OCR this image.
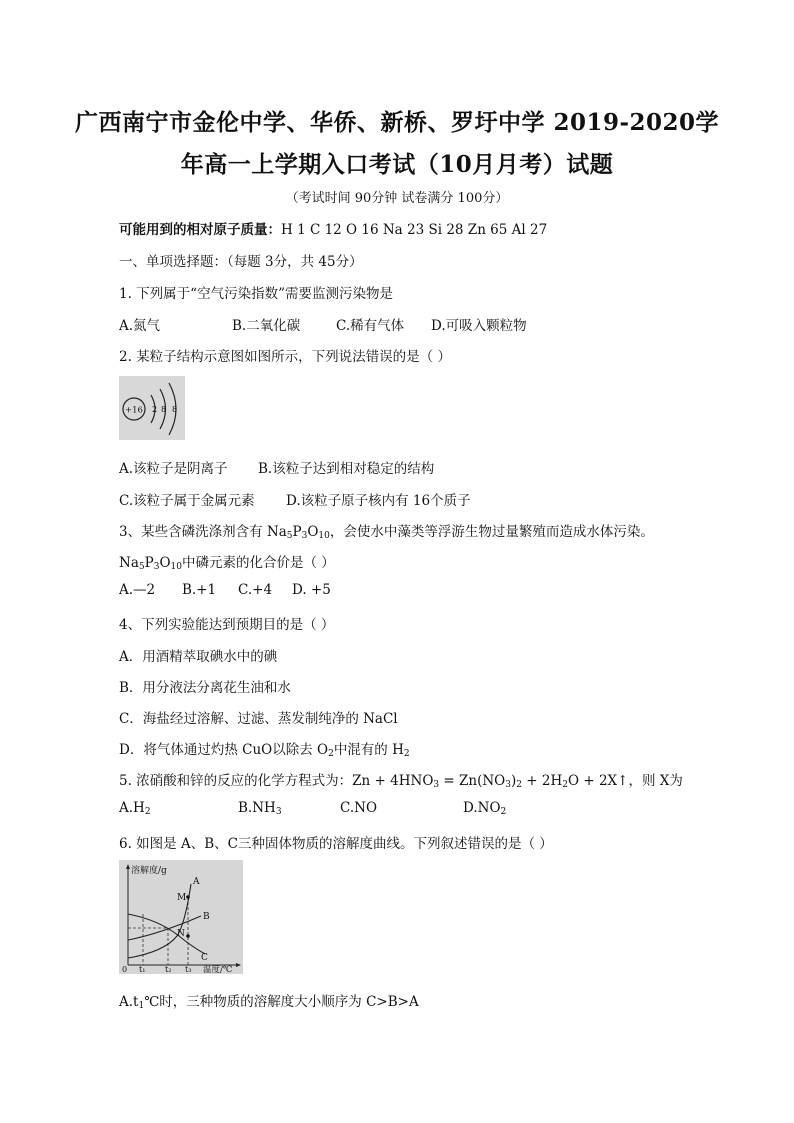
广西南宁市金伦中学、华侨、新桥、罗圩中学 2019-2020学
年高一上学期入口考试（10月月考）试题
（考试时间 90分钟 试卷满分 100分）
可能用到的相对原子质量：H 1 C 12 O 16 Na 23 Si 28 Zn 65 Al 27
一、单项选择题：（每题 3分，共 45分）
1. 下列属于“空气污染指数”需要监测污染物是
A.氮气	B.二氧化碳	C.稀有气体 D.可吸入颗粒物
2. 某粒子结构示意图如图所示，下列说法错误的是（ ）
+16 2 8 8
A.该粒子是阴离子 B.该粒子达到相对稳定的结构
C.该粒子属于金属元素 D.该粒子原子核内有 16个质子
3、某些含磷洗涤剂含有 Na5P3O10，会使水中藻类等浮游生物过量繁殖而造成水体污染。
Na5P3O10中磷元素的化合价是（ ）
A.—2 B.+1 C.+4 D. +5
4、下列实验能达到预期目的是（ ）
A．用酒精萃取碘水中的碘
B．用分液法分离花生油和水
C．海盐经过溶解、过滤、蒸发制纯净的 NaCl
D．将气体通过灼热 CuO以除去 O2中混有的 H2
5. 浓硝酸和锌的反应的化学方程式为：Zn + 4HNO3 = Zn(NO3)2 + 2H2O + 2X↑，则 X为
A.H2	B.NH3	C.NO	D.NO2
6. 如图是 A、B、C三种固体物质的溶解度曲线。下列叙述错误的是（ ）
溶解度/g
温度/℃
0 t₁ t₂ t₃
A
B
C
M
N
A.t1℃时，三种物质的溶解度大小顺序为 C>B>A
